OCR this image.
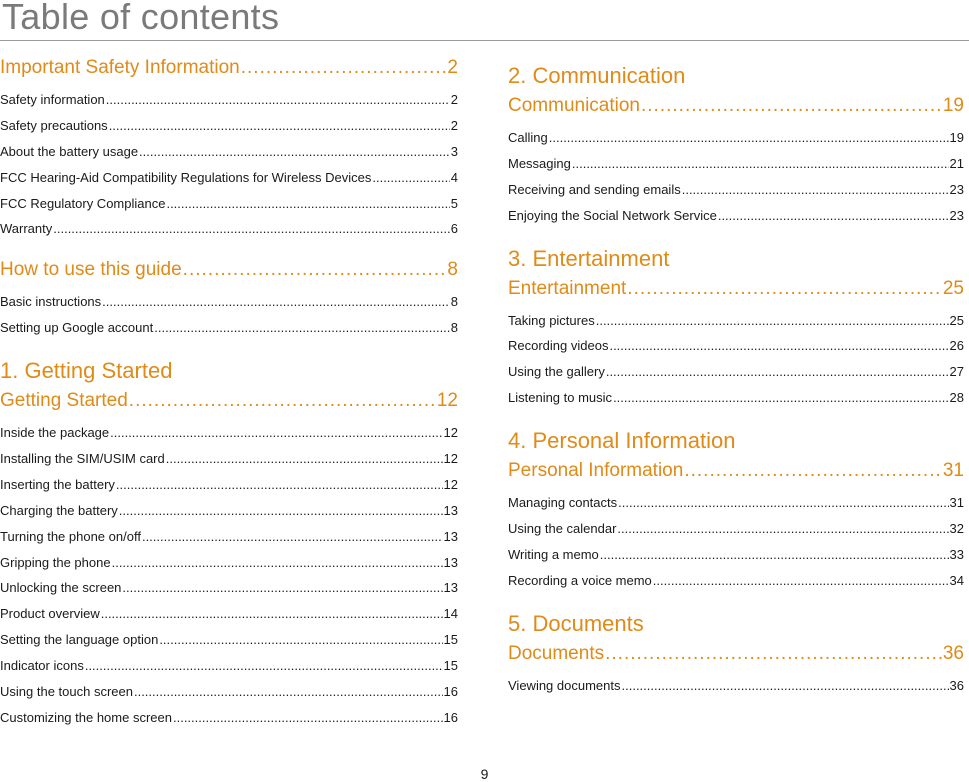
Table of contents
Important Safety Information .....	2
Safety information .....	2
Safety precautions .....	2
About the battery usage .....	3
FCC Hearing-Aid Compatibility Regulations for Wireless Devices .....	4
FCC Regulatory Compliance .....	5
Warranty .....	6
How to use this guide .....	8
Basic instructions .....	8
Setting up Google account .....	8
1. Getting Started
Getting Started .....	12
Inside the package .....	12
Installing the SIM/USIM card .....	12
Inserting the battery .....	12
Charging the battery .....	13
Turning the phone on/off .....	13
Gripping the phone .....	13
Unlocking the screen .....	13
Product overview .....	14
Setting the language option .....	15
Indicator icons .....	15
Using the touch screen .....	16
Customizing the home screen .....	16
2. Communication
Communication .....	19
Calling .....	19
Messaging .....	21
Receiving and sending emails .....	23
Enjoying the Social Network Service .....	23
3. Entertainment
Entertainment .....	25
Taking pictures .....	25
Recording videos .....	26
Using the gallery .....	27
Listening to music .....	28
4. Personal Information
Personal Information .....	31
Managing contacts .....	31
Using the calendar .....	32
Writing a memo .....	33
Recording a voice memo .....	34
5. Documents
Documents .....	36
Viewing documents .....	36
9
